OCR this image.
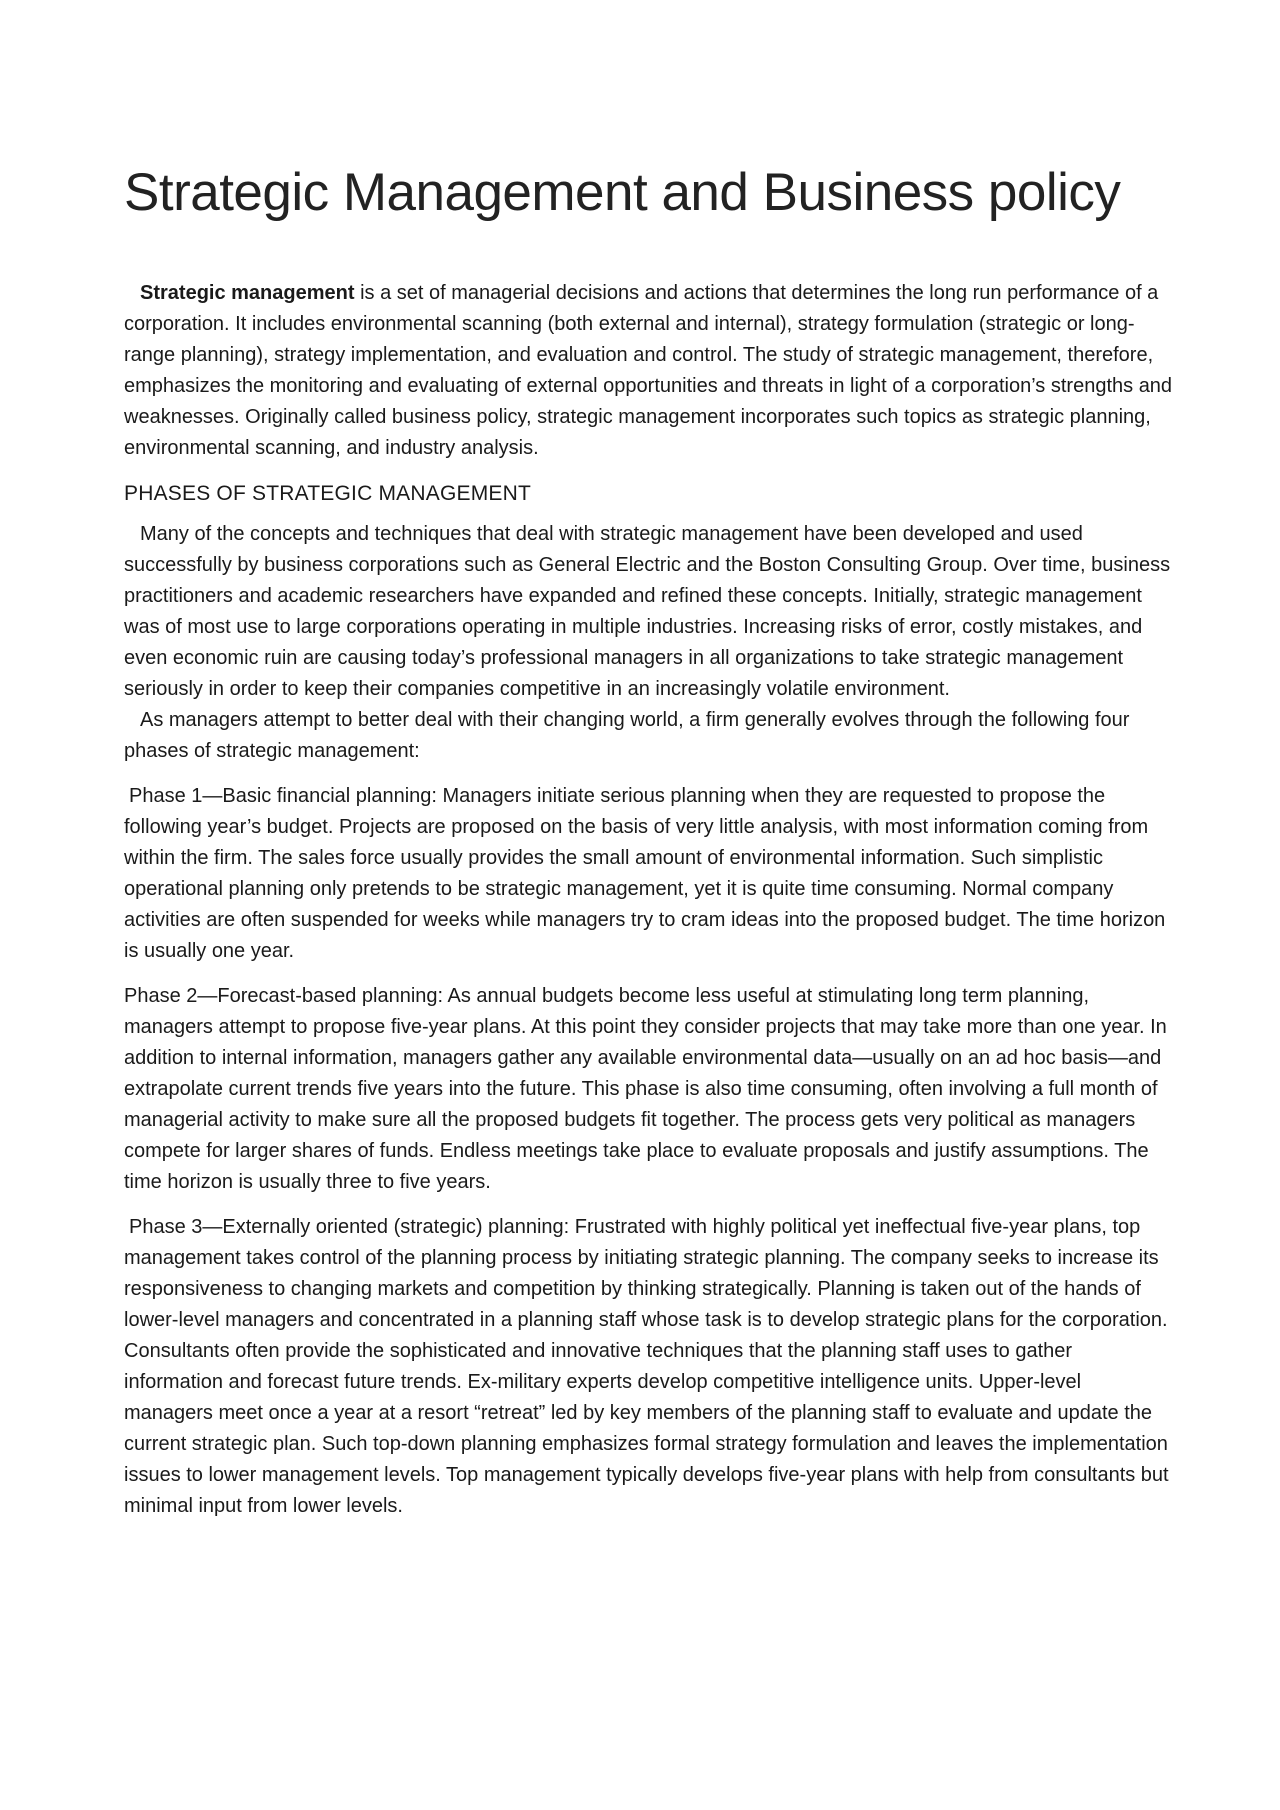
Strategic Management and Business policy

Strategic management is a set of managerial decisions and actions that determines the long run performance of a corporation. It includes environmental scanning (both external and internal), strategy formulation (strategic or long-range planning), strategy implementation, and evaluation and control. The study of strategic management, therefore, emphasizes the monitoring and evaluating of external opportunities and threats in light of a corporation’s strengths and weaknesses. Originally called business policy, strategic management incorporates such topics as strategic planning, environmental scanning, and industry analysis.

PHASES OF STRATEGIC MANAGEMENT

Many of the concepts and techniques that deal with strategic management have been developed and used successfully by business corporations such as General Electric and the Boston Consulting Group. Over time, business practitioners and academic researchers have expanded and refined these concepts. Initially, strategic management was of most use to large corporations operating in multiple industries. Increasing risks of error, costly mistakes, and even economic ruin are causing today’s professional managers in all organizations to take strategic management seriously in order to keep their companies competitive in an increasingly volatile environment.

As managers attempt to better deal with their changing world, a firm generally evolves through the following four phases of strategic management:

Phase 1—Basic financial planning: Managers initiate serious planning when they are requested to propose the following year’s budget. Projects are proposed on the basis of very little analysis, with most information coming from within the firm. The sales force usually provides the small amount of environmental information. Such simplistic operational planning only pretends to be strategic management, yet it is quite time consuming. Normal company activities are often suspended for weeks while managers try to cram ideas into the proposed budget. The time horizon is usually one year.

Phase 2—Forecast-based planning: As annual budgets become less useful at stimulating long term planning, managers attempt to propose five-year plans. At this point they consider projects that may take more than one year. In addition to internal information, managers gather any available environmental data—usually on an ad hoc basis—and extrapolate current trends five years into the future. This phase is also time consuming, often involving a full month of managerial activity to make sure all the proposed budgets fit together. The process gets very political as managers compete for larger shares of funds. Endless meetings take place to evaluate proposals and justify assumptions. The time horizon is usually three to five years.

Phase 3—Externally oriented (strategic) planning: Frustrated with highly political yet ineffectual five-year plans, top management takes control of the planning process by initiating strategic planning. The company seeks to increase its responsiveness to changing markets and competition by thinking strategically. Planning is taken out of the hands of lower-level managers and concentrated in a planning staff whose task is to develop strategic plans for the corporation. Consultants often provide the sophisticated and innovative techniques that the planning staff uses to gather information and forecast future trends. Ex-military experts develop competitive intelligence units. Upper-level managers meet once a year at a resort “retreat” led by key members of the planning staff to evaluate and update the current strategic plan. Such top-down planning emphasizes formal strategy formulation and leaves the implementation issues to lower management levels. Top management typically develops five-year plans with help from consultants but minimal input from lower levels.
